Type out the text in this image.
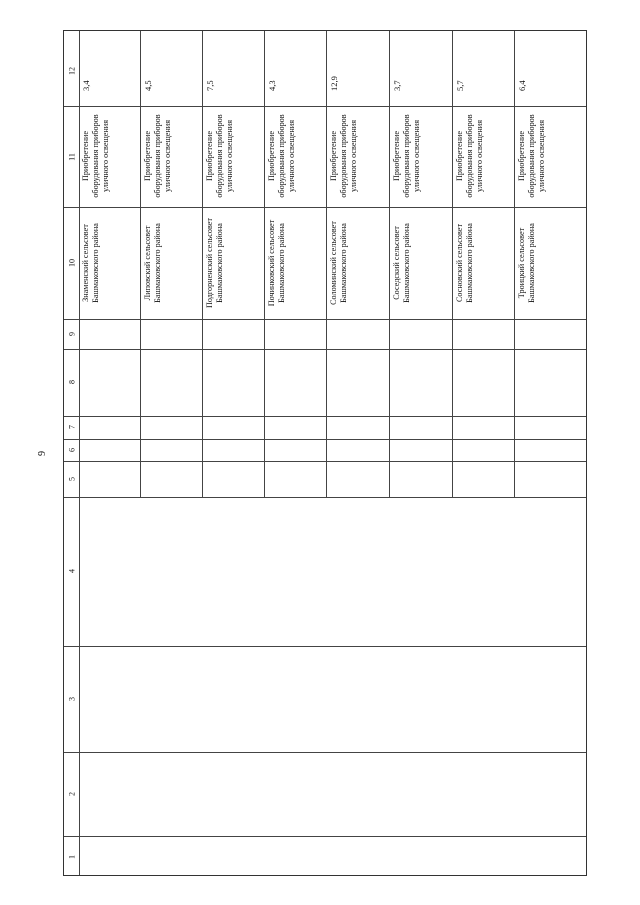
9
12
11
10
9
8
7
6
5
4
3
2
1
3,4
Приобретение оборудования приборов уличного освещения
Знаменский сельсовет Башмаковского района
4,5
Приобретение оборудования приборов уличного освещения
Липовский сельсовет Башмаковского района
7,5
Приобретение оборудования приборов уличного освещения
Подгорненский сельсовет Башмаковского района
4,3
Приобретение оборудования приборов уличного освещения
Починковский сельсовет Башмаковского района
12,9
Приобретение оборудования приборов уличного освещения
Соломинский сельсовет Башмаковского района
3,7
Приобретение оборудования приборов уличного освещения
Соседский сельсовет Башмаковского района
5,7
Приобретение оборудования приборов уличного освещения
Сосновский сельсовет Башмаковского района
6,4
Приобретение оборудования приборов уличного освещения
Троицкий сельсовет Башмаковского района
